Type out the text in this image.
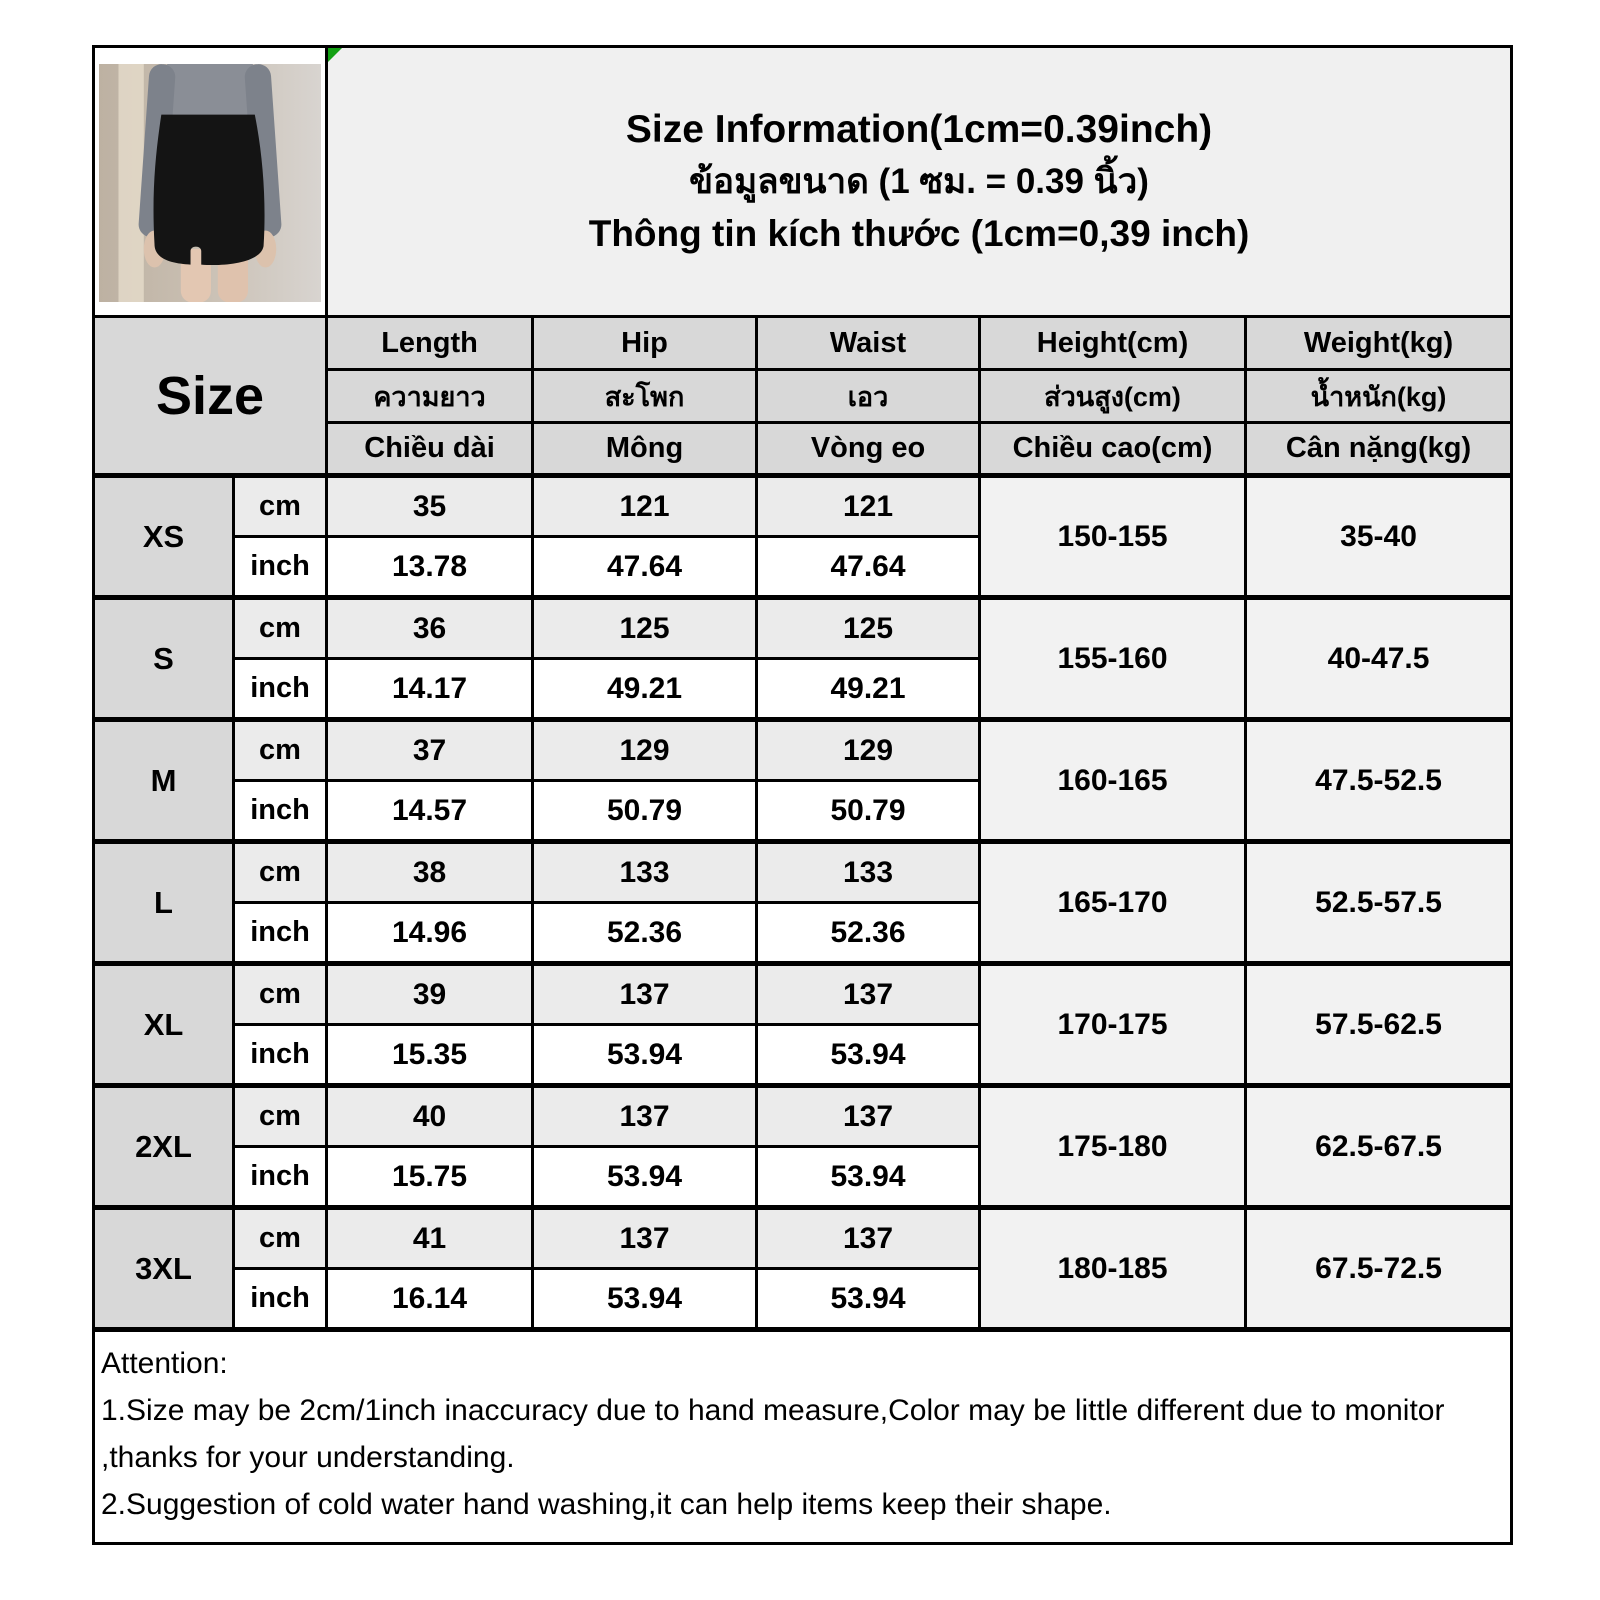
Size Information(1cm=0.39inch)
ข้อมูลขนาด (1 ซม. = 0.39 นิ้ว)
Thông tin kích thước (1cm=0,39 inch)				

Size		Length	Hip	Waist	Height(cm)	Weight(kg)
		ความยาว	สะโพก	เอว	ส่วนสูง(cm)	น้ำหนัก(kg)
		Chiều dài	Mông	Vòng eo	Chiều cao(cm)	Cân nặng(kg)
XS	cm	35	121	121	150-155	35-40
	inch	13.78	47.64	47.64		
S	cm	36	125	125	155-160	40-47.5
	inch	14.17	49.21	49.21		
M	cm	37	129	129	160-165	47.5-52.5
	inch	14.57	50.79	50.79		
L	cm	38	133	133	165-170	52.5-57.5
	inch	14.96	52.36	52.36		
XL	cm	39	137	137	170-175	57.5-62.5
	inch	15.35	53.94	53.94		
2XL	cm	40	137	137	175-180	62.5-67.5
	inch	15.75	53.94	53.94		
3XL	cm	41	137	137	180-185	67.5-72.5
	inch	16.14	53.94	53.94		

Attention:
1.Size may be 2cm/1inch inaccuracy due to hand measure,Color may be little different due to monitor
,thanks for your understanding.
2.Suggestion of cold water hand washing,it can help items keep their shape.						
